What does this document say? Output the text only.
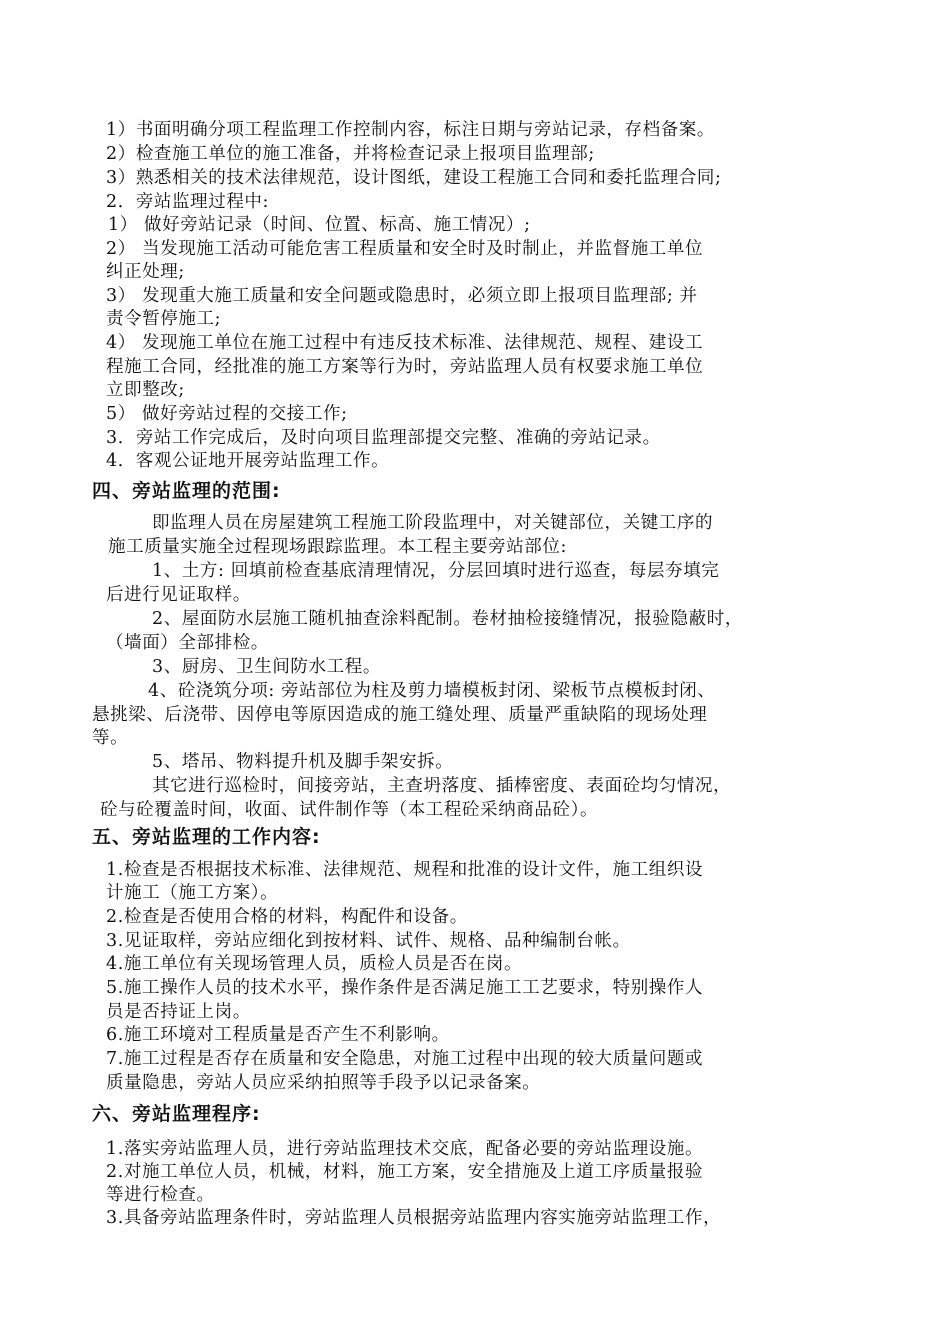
1）书面明确分项工程监理工作控制内容，标注日期与旁站记录，存档备案。
2）检查施工单位的施工准备，并将检查记录上报项目监理部;
3）熟悉相关的技术法律规范，设计图纸，建设工程施工合同和委托监理合同;
2．旁站监理过程中:
1） 做好旁站记录（时间、位置、标高、施工情况）;
2） 当发现施工活动可能危害工程质量和安全时及时制止，并监督施工单位
纠正处理;
3） 发现重大施工质量和安全问题或隐患时，必须立即上报项目监理部; 并
责令暂停施工;
4） 发现施工单位在施工过程中有违反技术标准、法律规范、规程、建设工
程施工合同，经批准的施工方案等行为时，旁站监理人员有权要求施工单位
立即整改;
5） 做好旁站过程的交接工作;
3．旁站工作完成后，及时向项目监理部提交完整、准确的旁站记录。
4．客观公证地开展旁站监理工作。
四、旁站监理的范围:
即监理人员在房屋建筑工程施工阶段监理中，对关键部位，关键工序的
施工质量实施全过程现场跟踪监理。本工程主要旁站部位:
1、土方: 回填前检查基底清理情况，分层回填时进行巡查，每层夯填完
后进行见证取样。
2、屋面防水层施工随机抽查涂料配制。卷材抽检接缝情况，报验隐蔽时，
（墙面）全部排检。
3、厨房、卫生间防水工程。
4、砼浇筑分项: 旁站部位为柱及剪力墙模板封闭、梁板节点模板封闭、
悬挑梁、后浇带、因停电等原因造成的施工缝处理、质量严重缺陷的现场处理
等。
5、塔吊、物料提升机及脚手架安拆。
其它进行巡检时，间接旁站，主查坍落度、插棒密度、表面砼均匀情况，
砼与砼覆盖时间，收面、试件制作等（本工程砼采纳商品砼）。
五、旁站监理的工作内容:
1.检查是否根据技术标准、法律规范、规程和批准的设计文件，施工组织设
计施工（施工方案）。
2.检查是否使用合格的材料，构配件和设备。
3.见证取样，旁站应细化到按材料、试件、规格、品种编制台帐。
4.施工单位有关现场管理人员，质检人员是否在岗。
5.施工操作人员的技术水平，操作条件是否满足施工工艺要求，特别操作人
员是否持证上岗。
6.施工环境对工程质量是否产生不利影响。
7.施工过程是否存在质量和安全隐患，对施工过程中出现的较大质量问题或
质量隐患，旁站人员应采纳拍照等手段予以记录备案。
六、旁站监理程序:
1.落实旁站监理人员，进行旁站监理技术交底，配备必要的旁站监理设施。
2.对施工单位人员，机械，材料，施工方案，安全措施及上道工序质量报验
等进行检查。
3.具备旁站监理条件时，旁站监理人员根据旁站监理内容实施旁站监理工作，
